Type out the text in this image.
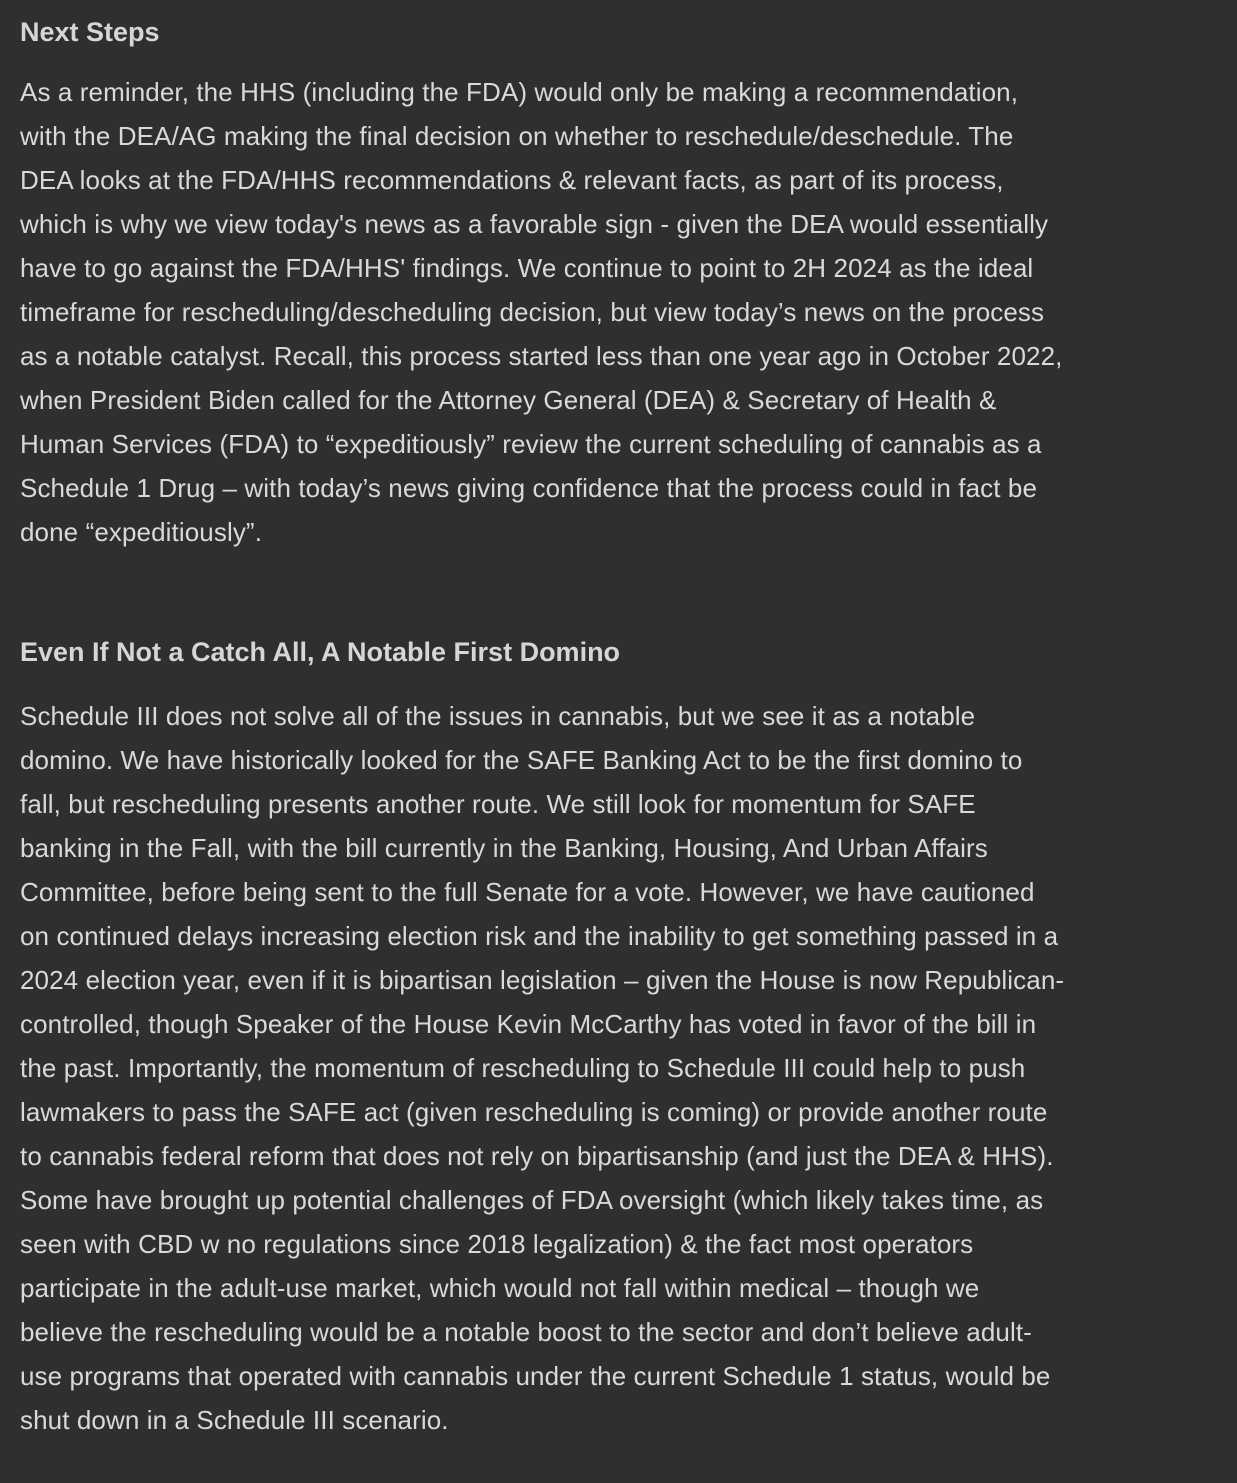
Next Steps

As a reminder, the HHS (including the FDA) would only be making a recommendation,
with the DEA/AG making the final decision on whether to reschedule/deschedule. The
DEA looks at the FDA/HHS recommendations & relevant facts, as part of its process,
which is why we view today's news as a favorable sign - given the DEA would essentially
have to go against the FDA/HHS' findings. We continue to point to 2H 2024 as the ideal
timeframe for rescheduling/descheduling decision, but view today’s news on the process
as a notable catalyst. Recall, this process started less than one year ago in October 2022,
when President Biden called for the Attorney General (DEA) & Secretary of Health &
Human Services (FDA) to “expeditiously” review the current scheduling of cannabis as a
Schedule 1 Drug – with today’s news giving confidence that the process could in fact be
done “expeditiously”.

Even If Not a Catch All, A Notable First Domino

Schedule III does not solve all of the issues in cannabis, but we see it as a notable
domino. We have historically looked for the SAFE Banking Act to be the first domino to
fall, but rescheduling presents another route. We still look for momentum for SAFE
banking in the Fall, with the bill currently in the Banking, Housing, And Urban Affairs
Committee, before being sent to the full Senate for a vote. However, we have cautioned
on continued delays increasing election risk and the inability to get something passed in a
2024 election year, even if it is bipartisan legislation – given the House is now Republican-
controlled, though Speaker of the House Kevin McCarthy has voted in favor of the bill in
the past. Importantly, the momentum of rescheduling to Schedule III could help to push
lawmakers to pass the SAFE act (given rescheduling is coming) or provide another route
to cannabis federal reform that does not rely on bipartisanship (and just the DEA & HHS).
Some have brought up potential challenges of FDA oversight (which likely takes time, as
seen with CBD w no regulations since 2018 legalization) & the fact most operators
participate in the adult-use market, which would not fall within medical – though we
believe the rescheduling would be a notable boost to the sector and don’t believe adult-
use programs that operated with cannabis under the current Schedule 1 status, would be
shut down in a Schedule III scenario.
